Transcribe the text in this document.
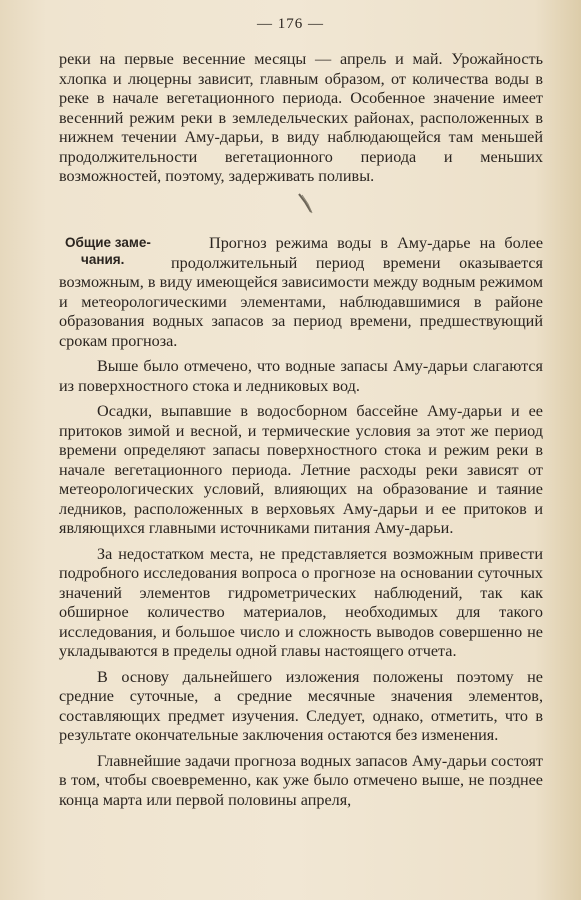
— 176 —

реки на первые весенние месяцы — апрель и май. Урожайность хлопка и люцерны зависит, главным образом, от количества воды в реке в начале вегетационного периода. Особенное значение имеет весенний режим реки в земледельческих районах, расположенных в нижнем течении Аму-дарьи, в виду наблюдающейся там меньшей продолжительности вегетационного периода и меньших возможностей, поэтому, задерживать поливы.

Общие заме-
чания.

Прогноз режима воды в Аму-дарье на более продолжительный период времени оказывается возможным, в виду имеющейся зависимости между водным режимом и метеорологическими элементами, наблюдавшимися в районе образования водных запасов за период времени, предшествующий срокам прогноза.

Выше было отмечено, что водные запасы Аму-дарьи слагаются из поверхностного стока и ледниковых вод.

Осадки, выпавшие в водосборном бассейне Аму-дарьи и ее притоков зимой и весной, и термические условия за этот же период времени определяют запасы поверхностного стока и режим реки в начале вегетационного периода. Летние расходы реки зависят от метеорологических условий, влияющих на образование и таяние ледников, расположенных в верховьях Аму-дарьи и ее притоков и являющихся главными источниками питания Аму-дарьи.

За недостатком места, не представляется возможным привести подробного исследования вопроса о прогнозе на основании суточных значений элементов гидрометрических наблюдений, так как обширное количество материалов, необходимых для такого исследования, и большое число и сложность выводов совершенно не укладываются в пределы одной главы настоящего отчета.

В основу дальнейшего изложения положены поэтому не средние суточные, а средние месячные значения элементов, составляющих предмет изучения. Следует, однако, отметить, что в результате окончательные заключения остаются без изменения.

Главнейшие задачи прогноза водных запасов Аму-дарьи состоят в том, чтобы своевременно, как уже было отмечено выше, не позднее конца марта или первой половины апреля,
